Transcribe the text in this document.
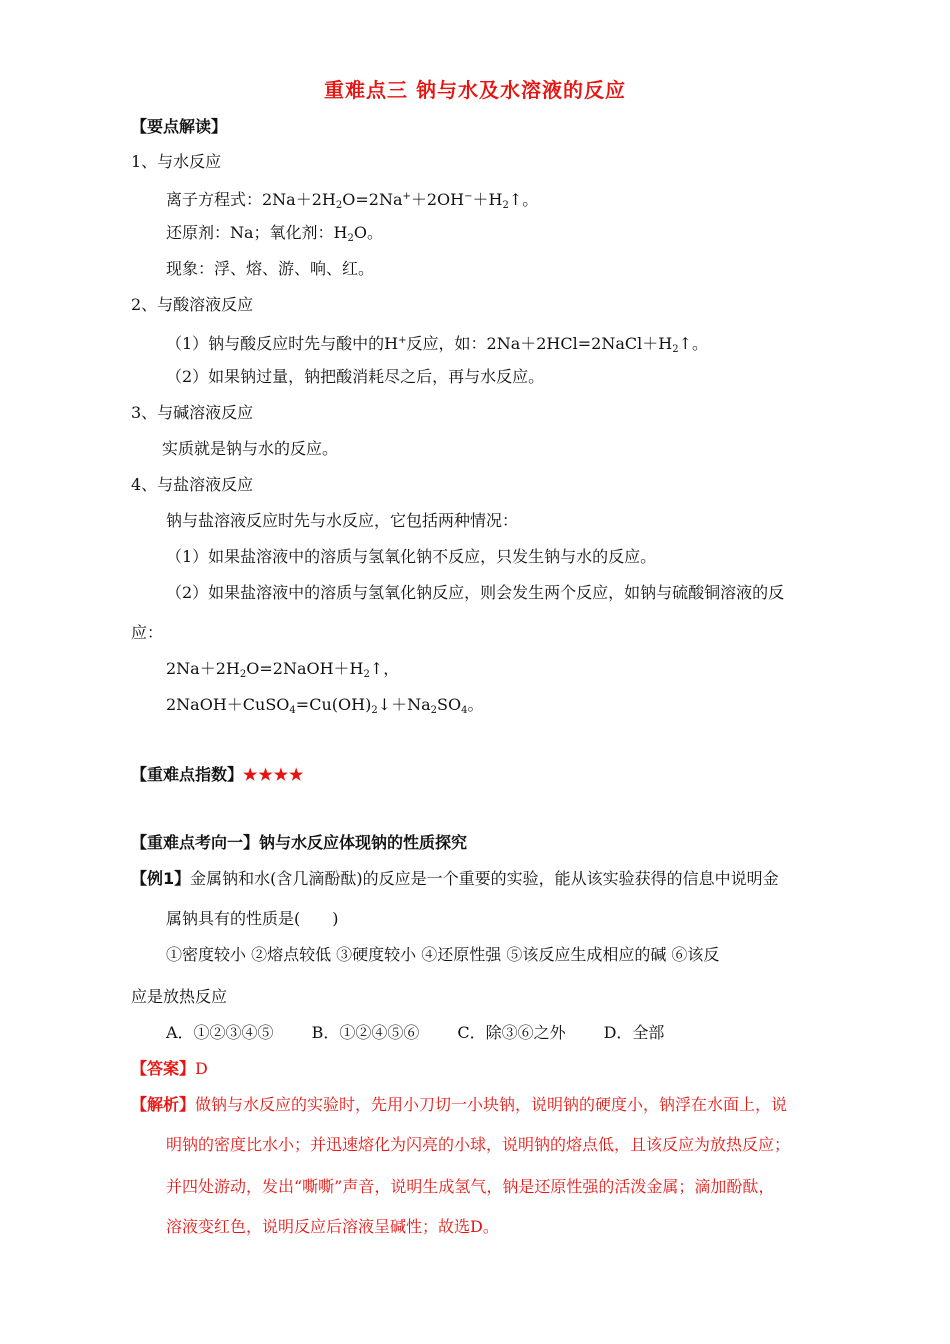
重难点三 钠与水及水溶液的反应
【要点解读】
1、与水反应
离子方程式：$2Na+2H_2O=2Na^++2OH^-+H_2↑$。
还原剂：Na；氧化剂：$H_2O$。
现象：浮、熔、游、响、红。
2、与酸溶液反应
（1）钠与酸反应时先与酸中的H+反应，如：$2Na+2HCl=2NaCl+H_2↑$。
（2）如果钠过量，钠把酸消耗尽之后，再与水反应。
3、与碱溶液反应
实质就是钠与水的反应。
4、与盐溶液反应
钠与盐溶液反应时先与水反应，它包括两种情况：
（1）如果盐溶液中的溶质与氢氧化钠不反应，只发生钠与水的反应。
（2）如果盐溶液中的溶质与氢氧化钠反应，则会发生两个反应，如钠与硫酸铜溶液的反
应：
$2Na+2H_2O=2NaOH+H_2↑$，
$2NaOH+CuSO_4=Cu(OH)_2↓+Na_2SO_4$。
【重难点指数】★★★★
【重难点考向一】钠与水反应体现钠的性质探究
【例1】金属钠和水(含几滴酚酞)的反应是一个重要的实验，能从该实验获得的信息中说明金
属钠具有的性质是(　　)
①密度较小 ②熔点较低 ③硬度较小 ④还原性强 ⑤该反应生成相应的碱 ⑥该反
应是放热反应
A．①②③④⑤ B．①②④⑤⑥ C．除③⑥之外 D．全部
【答案】D
【解析】做钠与水反应的实验时，先用小刀切一小块钠，说明钠的硬度小，钠浮在水面上，说
明钠的密度比水小；并迅速熔化为闪亮的小球，说明钠的熔点低，且该反应为放热反应；
并四处游动，发出“嘶嘶”声音，说明生成氢气，钠是还原性强的活泼金属；滴加酚酞，
溶液变红色，说明反应后溶液呈碱性；故选D。
